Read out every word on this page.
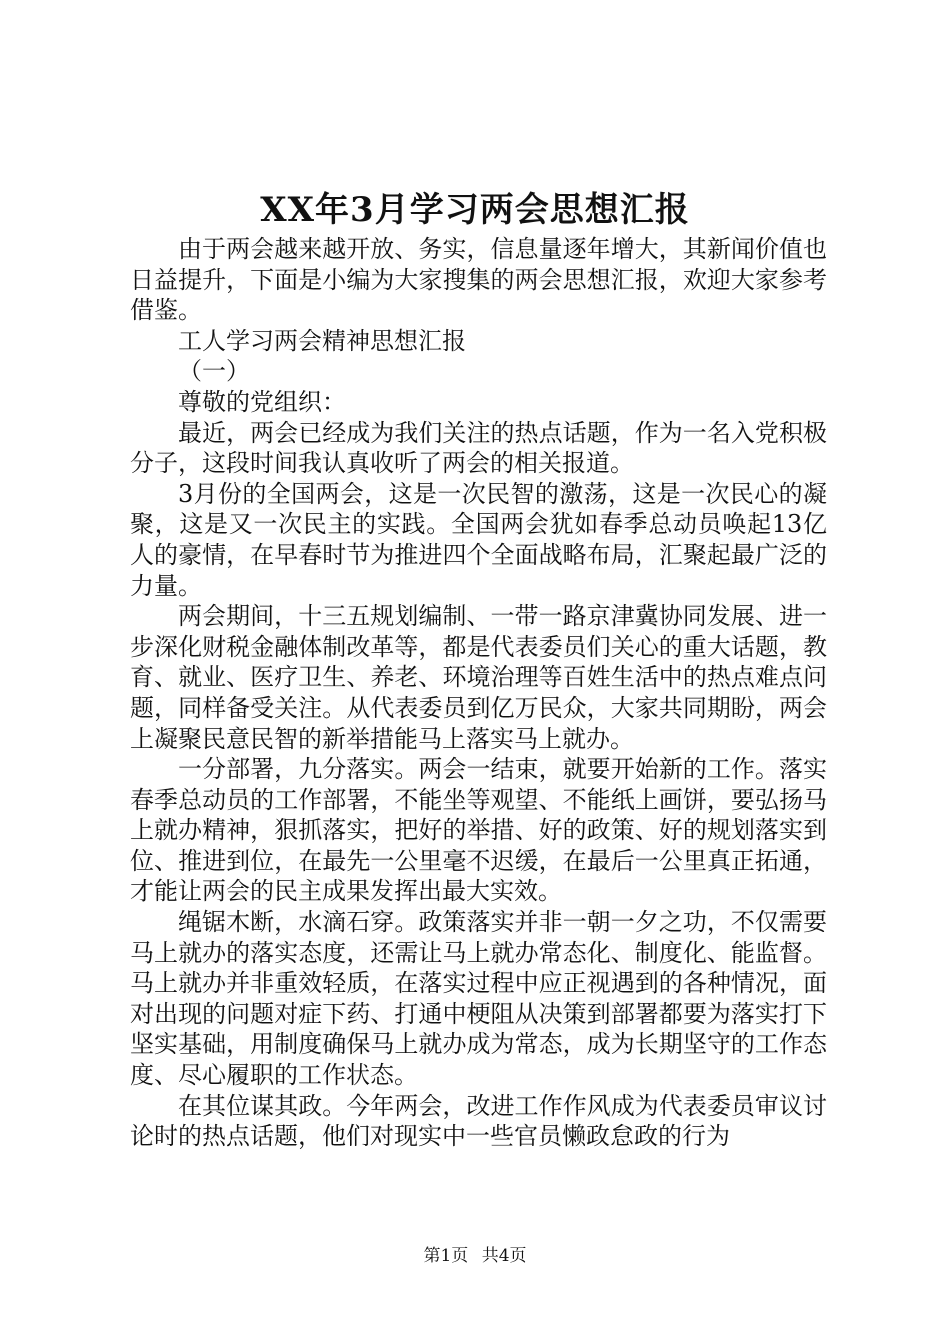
XX年3月学习两会思想汇报

由于两会越来越开放、务实，信息量逐年增大，其新闻价值也日益提升，下面是小编为大家搜集的两会思想汇报，欢迎大家参考借鉴。

工人学习两会精神思想汇报

（一）

尊敬的党组织：

最近，两会已经成为我们关注的热点话题，作为一名入党积极分子，这段时间我认真收听了两会的相关报道。

3月份的全国两会，这是一次民智的激荡，这是一次民心的凝聚，这是又一次民主的实践。全国两会犹如春季总动员唤起13亿人的豪情，在早春时节为推进四个全面战略布局，汇聚起最广泛的力量。

两会期间，十三五规划编制、一带一路京津冀协同发展、进一步深化财税金融体制改革等，都是代表委员们关心的重大话题，教育、就业、医疗卫生、养老、环境治理等百姓生活中的热点难点问题，同样备受关注。从代表委员到亿万民众，大家共同期盼，两会上凝聚民意民智的新举措能马上落实马上就办。

一分部署，九分落实。两会一结束，就要开始新的工作。落实春季总动员的工作部署，不能坐等观望、不能纸上画饼，要弘扬马上就办精神，狠抓落实，把好的举措、好的政策、好的规划落实到位、推进到位，在最先一公里毫不迟缓，在最后一公里真正拓通，才能让两会的民主成果发挥出最大实效。

绳锯木断，水滴石穿。政策落实并非一朝一夕之功，不仅需要马上就办的落实态度，还需让马上就办常态化、制度化、能监督。马上就办并非重效轻质，在落实过程中应正视遇到的各种情况，面对出现的问题对症下药、打通中梗阻从决策到部署都要为落实打下坚实基础，用制度确保马上就办成为常态，成为长期坚守的工作态度、尽心履职的工作状态。

在其位谋其政。今年两会，改进工作作风成为代表委员审议讨论时的热点话题，他们对现实中一些官员懒政怠政的行为

第1页 共4页
